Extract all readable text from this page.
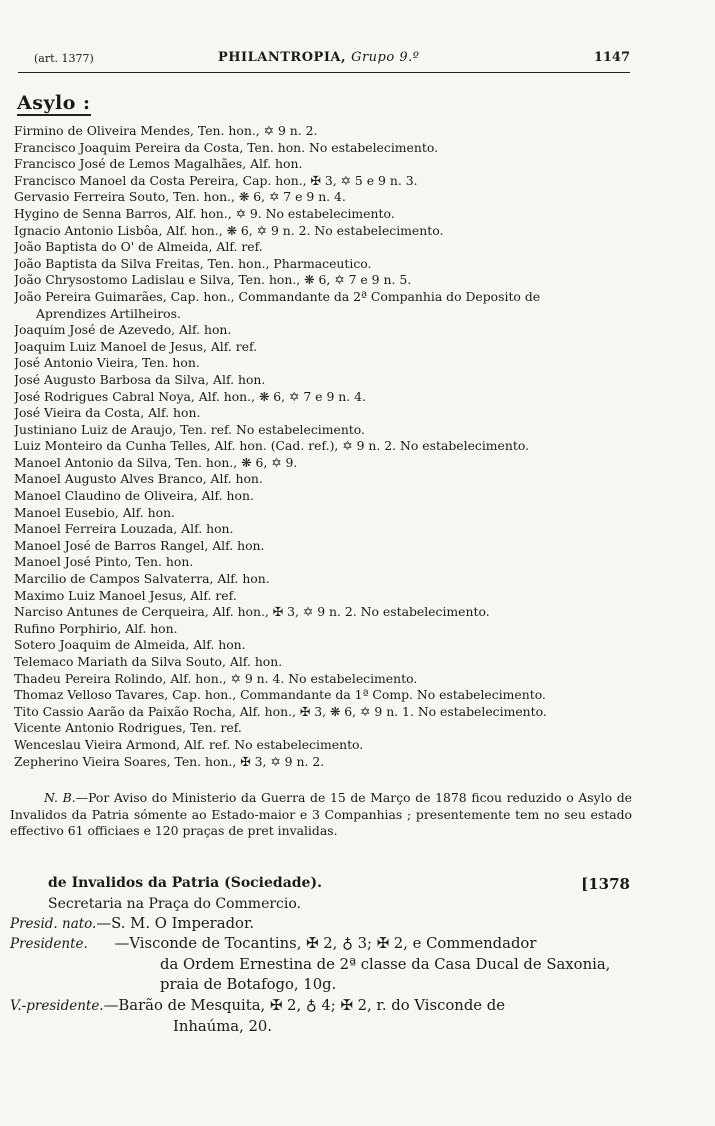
(art. 1377)	PHILANTROPIA, Grupo 9.º	1147
Asylo :
Firmino de Oliveira Mendes, Ten. hon., ✡ 9 n. 2.
Francisco Joaquim Pereira da Costa, Ten. hon. No estabelecimento.
Francisco José de Lemos Magalhães, Alf. hon.
Francisco Manoel da Costa Pereira, Cap. hon., ✠ 3, ✡ 5 e 9 n. 3.
Gervasio Ferreira Souto, Ten. hon., ❋ 6, ✡ 7 e 9 n. 4.
Hygino de Senna Barros, Alf. hon., ✡ 9. No estabelecimento.
Ignacio Antonio Lisbôa, Alf. hon., ❋ 6, ✡ 9 n. 2. No estabelecimento.
João Baptista do O' de Almeida, Alf. ref.
João Baptista da Silva Freitas, Ten. hon., Pharmaceutico.
João Chrysostomo Ladislau e Silva, Ten. hon., ❋ 6, ✡ 7 e 9 n. 5.
João Pereira Guimarães, Cap. hon., Commandante da 2ª Companhia do Deposito de
Aprendizes Artilheiros.
Joaquim José de Azevedo, Alf. hon.
Joaquim Luiz Manoel de Jesus, Alf. ref.
José Antonio Vieira, Ten. hon.
José Augusto Barbosa da Silva, Alf. hon.
José Rodrigues Cabral Noya, Alf. hon., ❋ 6, ✡ 7 e 9 n. 4.
José Vieira da Costa, Alf. hon.
Justiniano Luiz de Araujo, Ten. ref. No estabelecimento.
Luiz Monteiro da Cunha Telles, Alf. hon. (Cad. ref.), ✡ 9 n. 2. No estabelecimento.
Manoel Antonio da Silva, Ten. hon., ❋ 6, ✡ 9.
Manoel Augusto Alves Branco, Alf. hon.
Manoel Claudino de Oliveira, Alf. hon.
Manoel Eusebio, Alf. hon.
Manoel Ferreira Louzada, Alf. hon.
Manoel José de Barros Rangel, Alf. hon.
Manoel José Pinto, Ten. hon.
Marcilio de Campos Salvaterra, Alf. hon.
Maximo Luiz Manoel Jesus, Alf. ref.
Narciso Antunes de Cerqueira, Alf. hon., ✠ 3, ✡ 9 n. 2. No estabelecimento.
Rufino Porphirio, Alf. hon.
Sotero Joaquim de Almeida, Alf. hon.
Telemaco Mariath da Silva Souto, Alf. hon.
Thadeu Pereira Rolindo, Alf. hon., ✡ 9 n. 4. No estabelecimento.
Thomaz Velloso Tavares, Cap. hon., Commandante da 1ª Comp. No estabelecimento.
Tito Cassio Aarão da Paixão Rocha, Alf. hon., ✠ 3, ❋ 6, ✡ 9 n. 1. No estabelecimento.
Vicente Antonio Rodrigues, Ten. ref.
Wenceslau Vieira Armond, Alf. ref. No estabelecimento.
Zepherino Vieira Soares, Ten. hon., ✠ 3, ✡ 9 n. 2.
N. B.—Por Aviso do Ministerio da Guerra de 15 de Março de 1878 ficou reduzido o Asylo de Invalidos da Patria sómente ao Estado-maior e 3 Companhias ; presentemente tem no seu estado effectivo 61 officiaes e 120 praças de pret invalidas.
de Invalidos da Patria (Sociedade).	[1378
Secretaria na Praça do Commercio.
Presid. nato.—S. M. O Imperador.
Presidente. —Visconde de Tocantins, ✠ 2, ♁ 3; ✠ 2, e Commendador
da Ordem Ernestina de 2ª classe da Casa Ducal de Saxonia,
praia de Botafogo, 10g.
V.-presidente.—Barão de Mesquita, ✠ 2, ♁ 4; ✠ 2, r. do Visconde de
Inhaúma, 20.
